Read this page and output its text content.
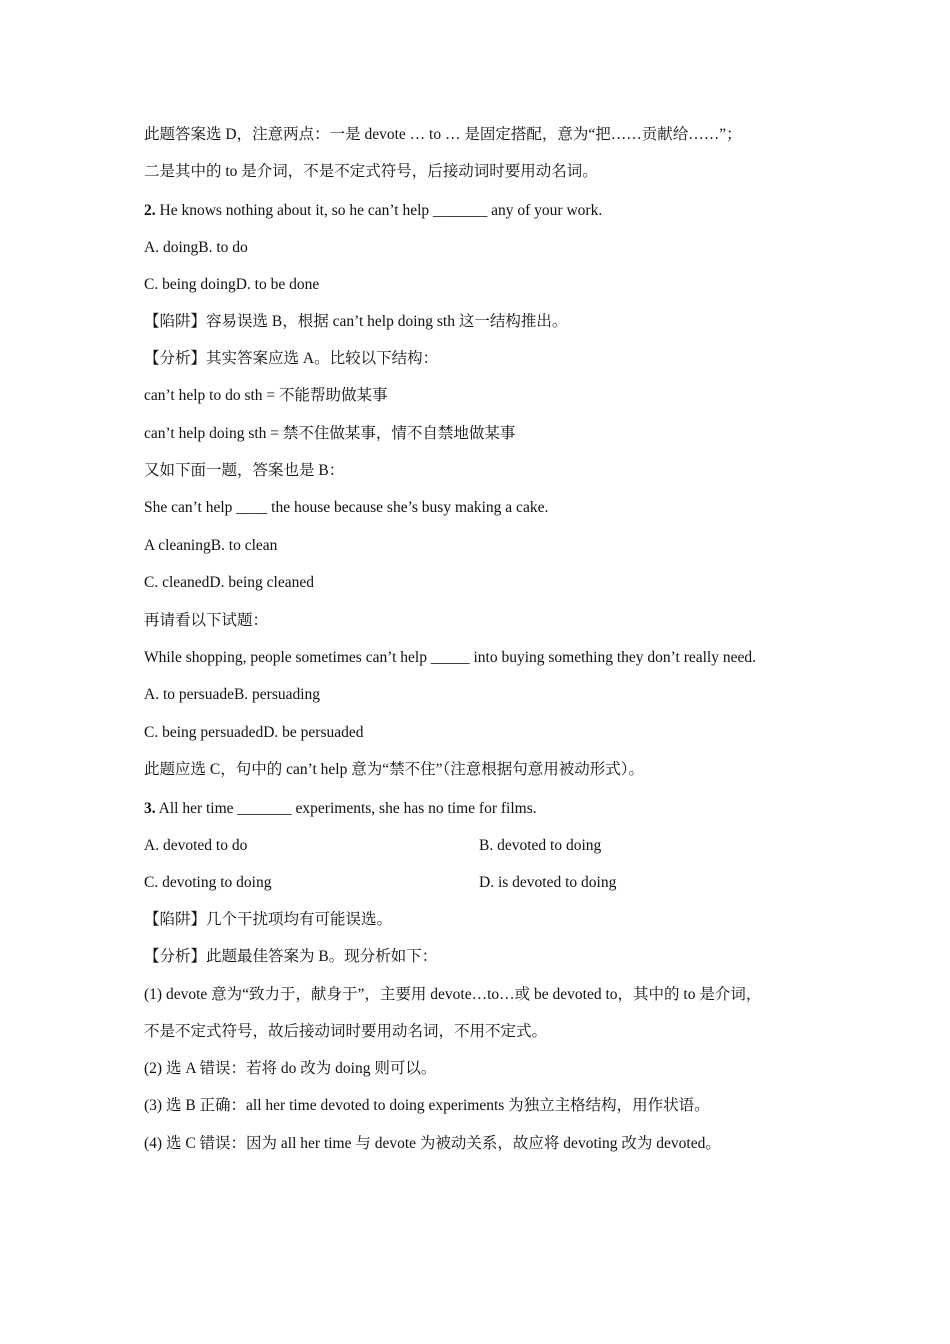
此题答案选 D，注意两点：一是 devote … to … 是固定搭配，意为“把……贡献给……”；
二是其中的 to 是介词，不是不定式符号，后接动词时要用动名词。
2. He knows nothing about it, so he can’t help _______ any of your work.
A. doingB. to do
C. being doingD. to be done
【陷阱】容易误选 B，根据 can’t help doing sth 这一结构推出。
【分析】其实答案应选 A。比较以下结构：
can’t help to do sth = 不能帮助做某事
can’t help doing sth = 禁不住做某事，情不自禁地做某事
又如下面一题，答案也是 B：
She can’t help ____ the house because she’s busy making a cake.
A cleaningB. to clean
C. cleanedD. being cleaned
再请看以下试题：
While shopping, people sometimes can’t help _____ into buying something they don’t really need.
A. to persuadeB. persuading
C. being persuadedD. be persuaded
此题应选 C，句中的 can’t help 意为“禁不住”（注意根据句意用被动形式）。
3. All her time _______ experiments, she has no time for films.
A. devoted to do	B. devoted to doing
C. devoting to doing	D. is devoted to doing
【陷阱】几个干扰项均有可能误选。
【分析】此题最佳答案为 B。现分析如下：
(1) devote 意为“致力于，献身于”，主要用 devote…to…或 be devoted to，其中的 to 是介词，
不是不定式符号，故后接动词时要用动名词，不用不定式。
(2) 选 A 错误：若将 do 改为 doing 则可以。
(3) 选 B 正确：all her time devoted to doing experiments 为独立主格结构，用作状语。
(4) 选 C 错误：因为 all her time 与 devote 为被动关系，故应将 devoting 改为 devoted。
